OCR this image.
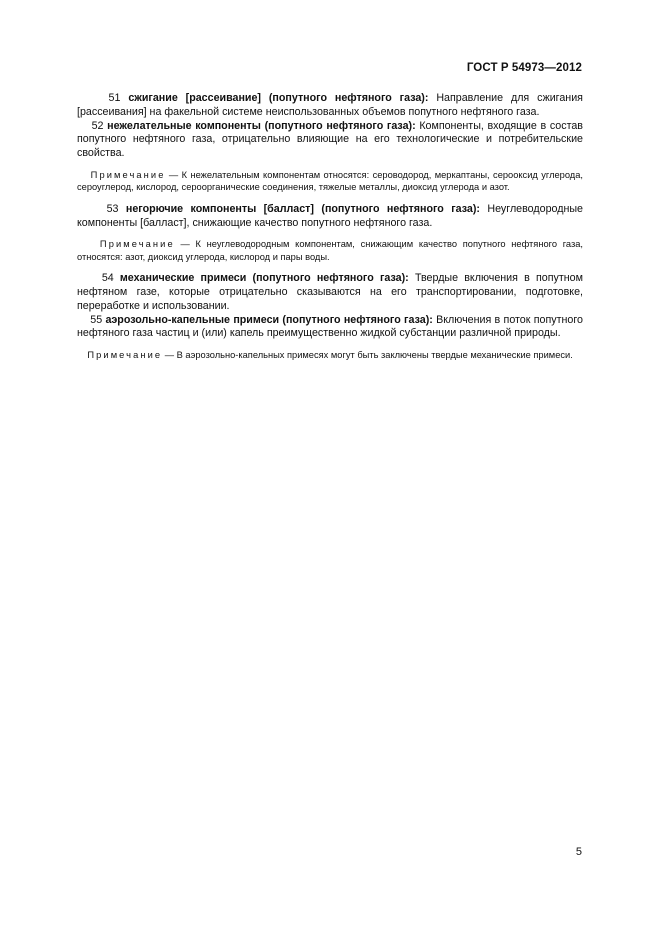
ГОСТ Р 54973—2012

51 сжигание [рассеивание] (попутного нефтяного газа): Направление для сжигания [рассеивания] на факельной системе неиспользованных объемов попутного нефтяного газа.

52 нежелательные компоненты (попутного нефтяного газа): Компоненты, входящие в состав попутного нефтяного газа, отрицательно влияющие на его технологические и потребительские свойства.

Примечание — К нежелательным компонентам относятся: сероводород, меркаптаны, серооксид углерода, сероуглерод, кислород, сероорганические соединения, тяжелые металлы, диоксид углерода и азот.

53 негорючие компоненты [балласт] (попутного нефтяного газа): Неуглеводородные компоненты [балласт], снижающие качество попутного нефтяного газа.

Примечание — К неуглеводородным компонентам, снижающим качество попутного нефтяного газа, относятся: азот, диоксид углерода, кислород и пары воды.

54 механические примеси (попутного нефтяного газа): Твердые включения в попутном нефтяном газе, которые отрицательно сказываются на его транспортировании, подготовке, переработке и использовании.

55 аэрозольно-капельные примеси (попутного нефтяного газа): Включения в поток попутного нефтяного газа частиц и (или) капель преимущественно жидкой субстанции различной природы.

Примечание — В аэрозольно-капельных примесях могут быть заключены твердые механические примеси.

5
